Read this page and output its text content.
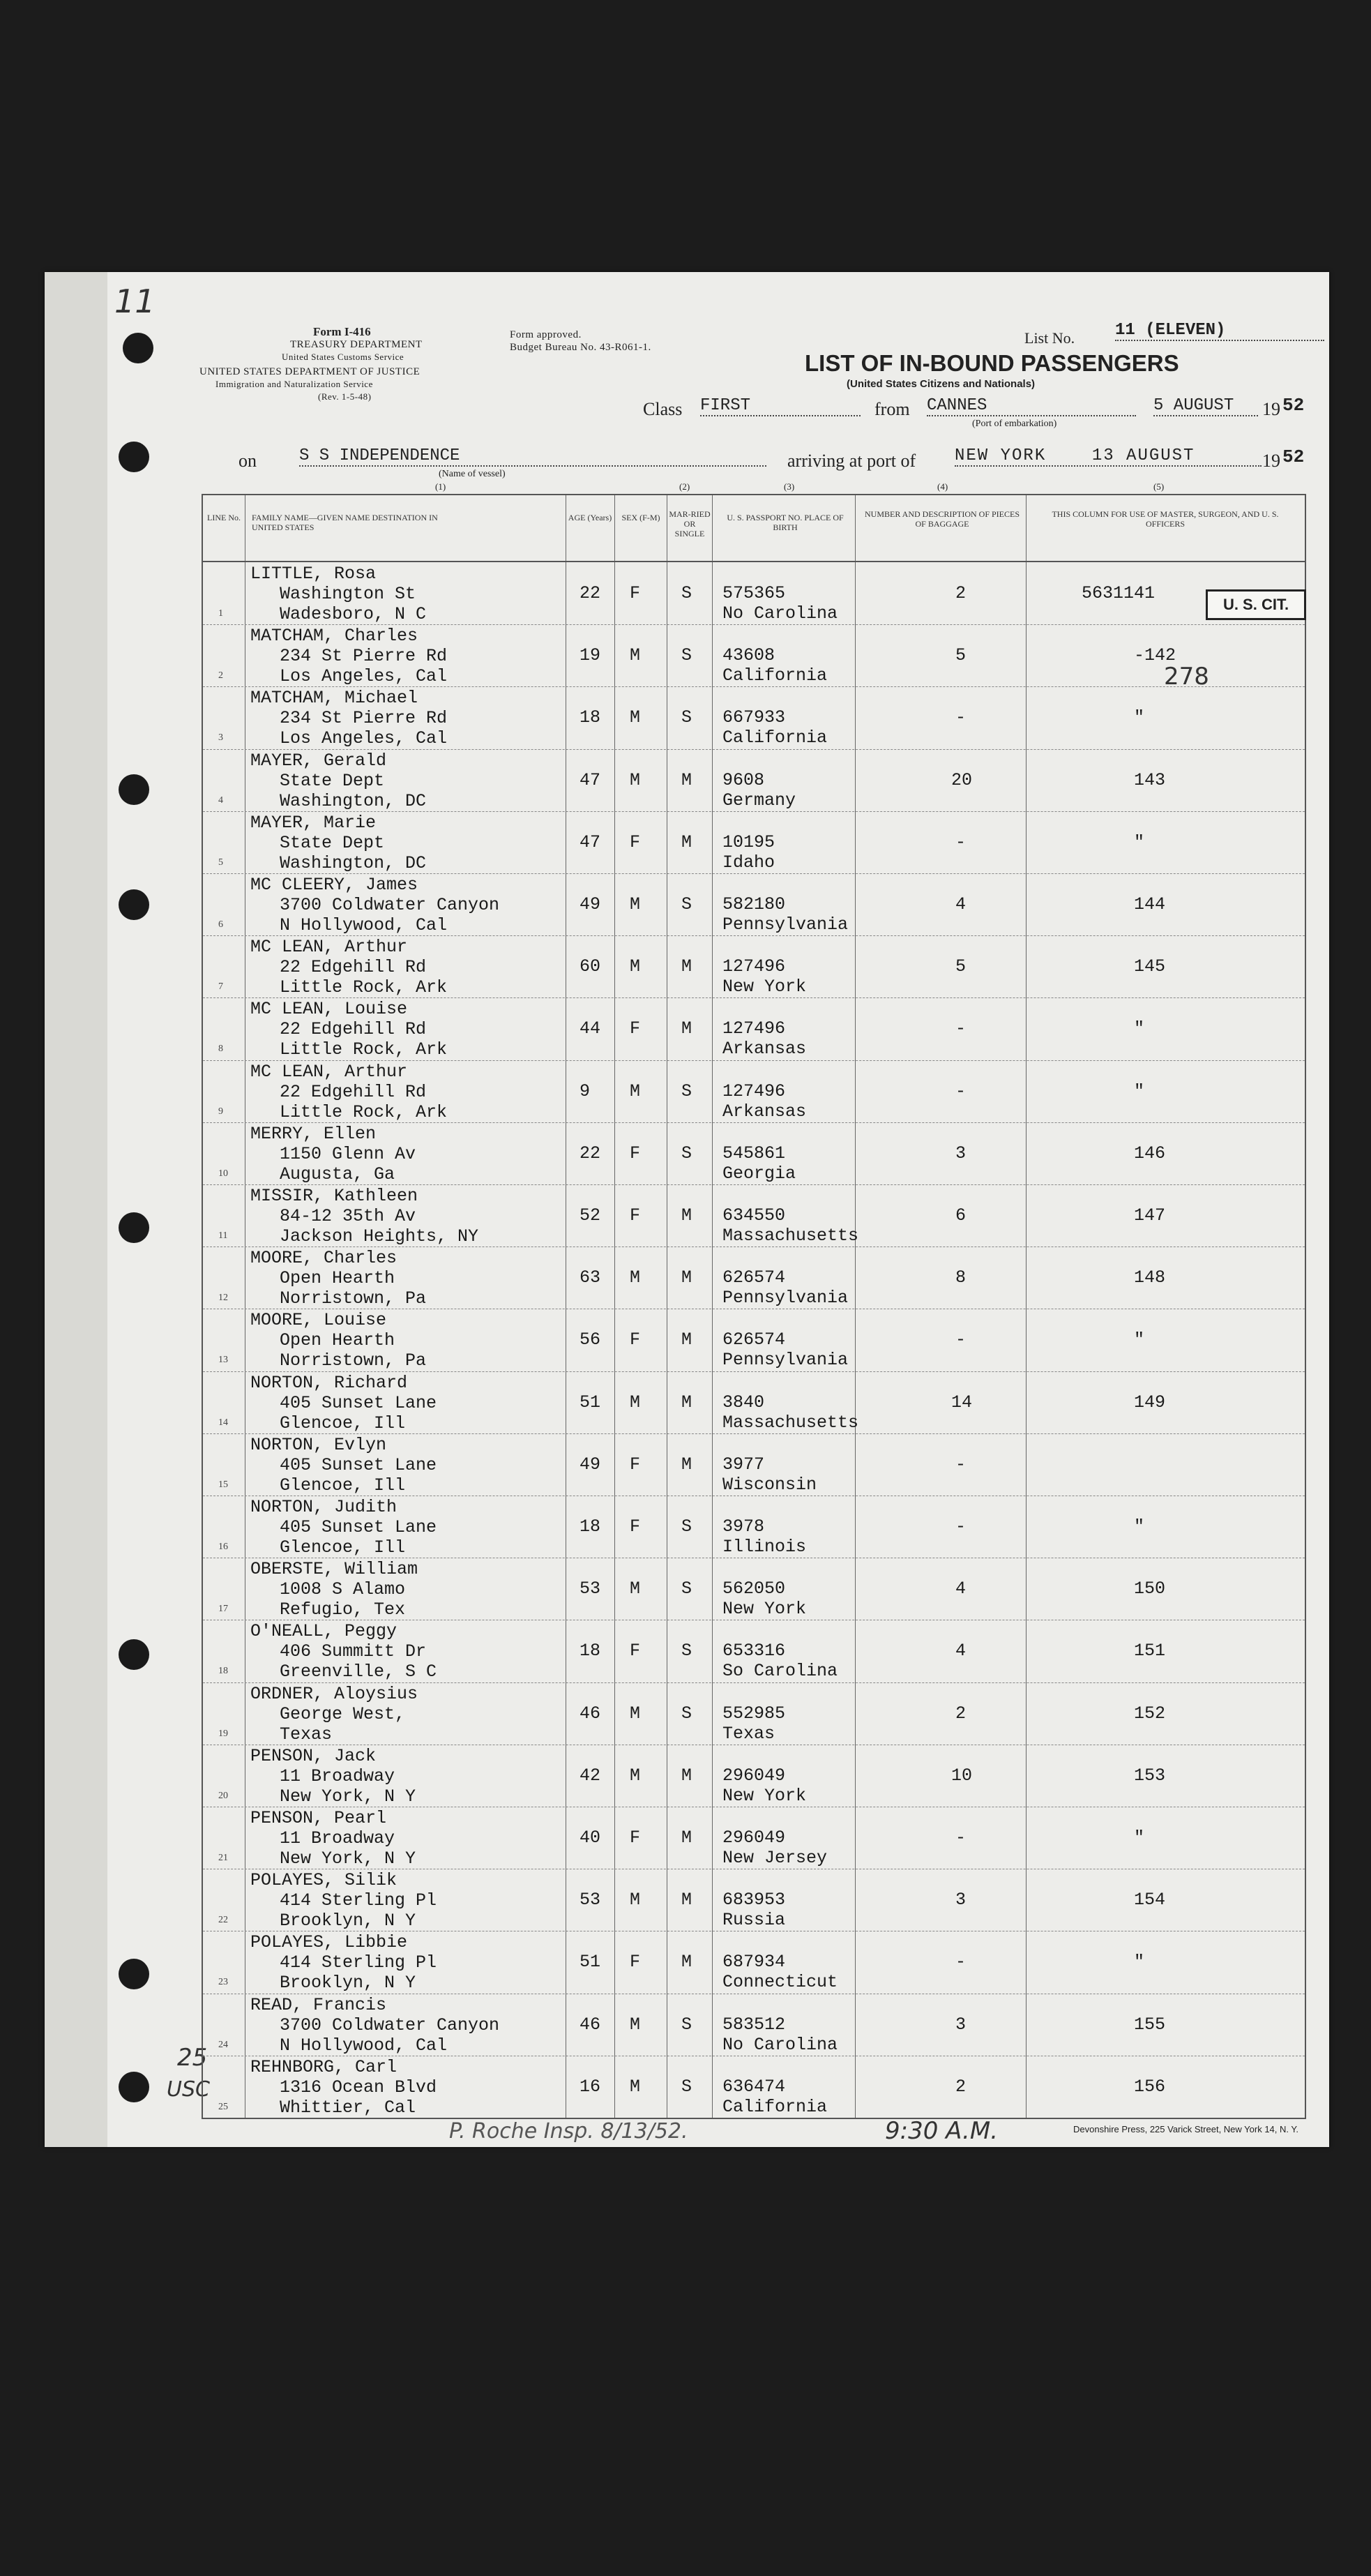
11
25
USC
Form I-416
TREASURY DEPARTMENT
United States Customs Service
UNITED STATES DEPARTMENT OF JUSTICE
Immigration and Naturalization Service
(Rev. 1-5-48)
Form approved.
Budget Bureau No. 43-R061-1.
List No. 11 (ELEVEN)
LIST OF IN-BOUND PASSENGERS
(United States Citizens and Nationals)
Class FIRST	from CANNES
(Port of embarkation)
5 AUGUST	19 52
on	S S INDEPENDENCE
(Name of vessel)
arriving at port of NEW YORK	13 AUGUST	19 52
(1)	(2)	(3)	(4)	(5)
LINE No.	FAMILY NAME—GIVEN NAME DESTINATION IN UNITED STATES
AGE (Years)	SEX (F-M)	MAR-RIED OR SINGLE
U. S. PASSPORT NO. PLACE OF BIRTH
NUMBER AND DESCRIPTION OF PIECES OF BAGGAGE
THIS COLUMN FOR USE OF MASTER, SURGEON, AND U. S. OFFICERS
1
LITTLE, Rosa
Washington St
Wadesboro, N C
22 F S 575365
No Carolina
2	5631141
2
MATCHAM, Charles
234 St Pierre Rd
Los Angeles, Cal
19 M S 43608
California
5	-142
3
MATCHAM, Michael
234 St Pierre Rd
Los Angeles, Cal
18 M S 667933
California
-	"
4
MAYER, Gerald
State Dept
Washington, DC
47 M M 9608
Germany
20	143
5
MAYER, Marie
State Dept
Washington, DC
47 F M 10195
Idaho
-	"
6
MC CLEERY, James
3700 Coldwater Canyon
N Hollywood, Cal
49 M S 582180
Pennsylvania
4	144
7
MC LEAN, Arthur
22 Edgehill Rd
Little Rock, Ark
60 M M 127496
New York
5	145
8
MC LEAN, Louise
22 Edgehill Rd
Little Rock, Ark
44 F M 127496
Arkansas
-	"
9
MC LEAN, Arthur
22 Edgehill Rd
Little Rock, Ark
9 M S 127496
Arkansas
-	"
10
MERRY, Ellen
1150 Glenn Av
Augusta, Ga
22 F S 545861
Georgia
3	146
11
MISSIR, Kathleen
84-12 35th Av
Jackson Heights, NY
52 F M 634550
Massachusetts
6	147
12
MOORE, Charles
Open Hearth
Norristown, Pa
63 M M 626574
Pennsylvania
8	148
13
MOORE, Louise
Open Hearth
Norristown, Pa
56 F M 626574
Pennsylvania
-	"
14
NORTON, Richard
405 Sunset Lane
Glencoe, Ill
51 M M 3840
Massachusetts
14	149
15
NORTON, Evlyn
405 Sunset Lane
Glencoe, Ill
49 F M 3977
Wisconsin
-
16
NORTON, Judith
405 Sunset Lane
Glencoe, Ill
18 F S 3978
Illinois
-	"
17
OBERSTE, William
1008 S Alamo
Refugio, Tex
53 M S 562050
New York
4	150
18
O'NEALL, Peggy
406 Summitt Dr
Greenville, S C
18 F S 653316
So Carolina
4	151
19
ORDNER, Aloysius
George West,
Texas
46 M S 552985
Texas
2	152
20
PENSON, Jack
11 Broadway
New York, N Y
42 M M 296049
New York
10	153
21
PENSON, Pearl
11 Broadway
New York, N Y
40 F M 296049
New Jersey
-	"
22
POLAYES, Silik
414 Sterling Pl
Brooklyn, N Y
53 M M 683953
Russia
3	154
23
POLAYES, Libbie
414 Sterling Pl
Brooklyn, N Y
51 F M 687934
Connecticut
-	"
24
READ, Francis
3700 Coldwater Canyon
N Hollywood, Cal
46 M S 583512
No Carolina
3	155
25
REHNBORG, Carl
1316 Ocean Blvd
Whittier, Cal
16 M S 636474
California
2	156
U. S. CIT.
278
P. Roche Insp. 8/13/52.	9:30 A.M.	Devonshire Press, 225 Varick Street, New York 14, N. Y.
